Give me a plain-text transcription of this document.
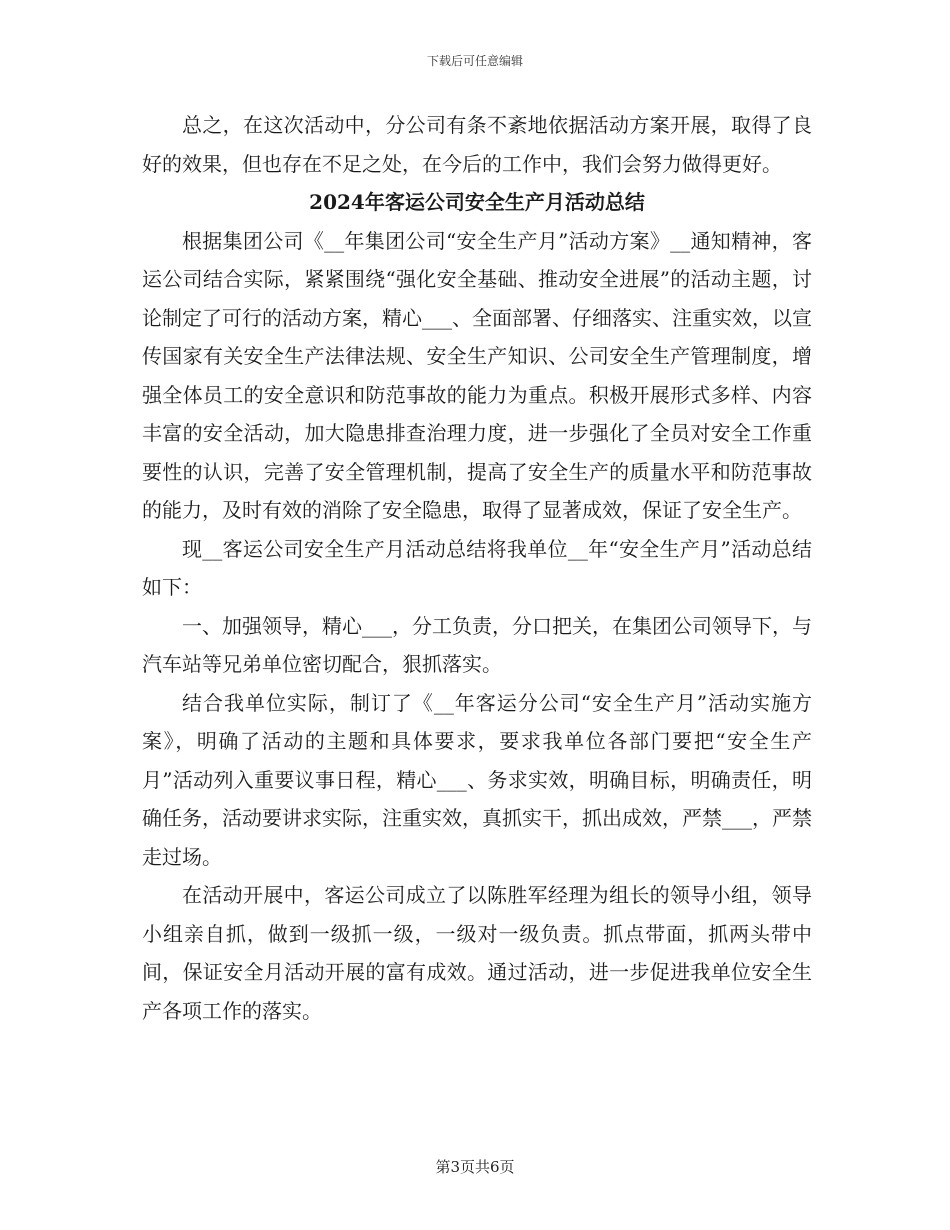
下载后可任意编辑

总之，在这次活动中，分公司有条不紊地依据活动方案开展，取得了良好的效果，但也存在不足之处，在今后的工作中，我们会努力做得更好。

2024年客运公司安全生产月活动总结

根据集团公司《__年集团公司“安全生产月”活动方案》__通知精神，客运公司结合实际，紧紧围绕“强化安全基础、推动安全进展”的活动主题，讨论制定了可行的活动方案，精心___、全面部署、仔细落实、注重实效，以宣传国家有关安全生产法律法规、安全生产知识、公司安全生产管理制度，增强全体员工的安全意识和防范事故的能力为重点。积极开展形式多样、内容丰富的安全活动，加大隐患排查治理力度，进一步强化了全员对安全工作重要性的认识，完善了安全管理机制，提高了安全生产的质量水平和防范事故的能力，及时有效的消除了安全隐患，取得了显著成效，保证了安全生产。

现__客运公司安全生产月活动总结将我单位__年“安全生产月”活动总结如下：

一、加强领导，精心___，分工负责，分口把关，在集团公司领导下，与汽车站等兄弟单位密切配合，狠抓落实。

结合我单位实际，制订了《__年客运分公司“安全生产月”活动实施方案》，明确了活动的主题和具体要求，要求我单位各部门要把“安全生产月”活动列入重要议事日程，精心___、务求实效，明确目标，明确责任，明确任务，活动要讲求实际，注重实效，真抓实干，抓出成效，严禁___，严禁走过场。

在活动开展中，客运公司成立了以陈胜军经理为组长的领导小组，领导小组亲自抓，做到一级抓一级，一级对一级负责。抓点带面，抓两头带中间，保证安全月活动开展的富有成效。通过活动，进一步促进我单位安全生产各项工作的落实。

第3页共6页
